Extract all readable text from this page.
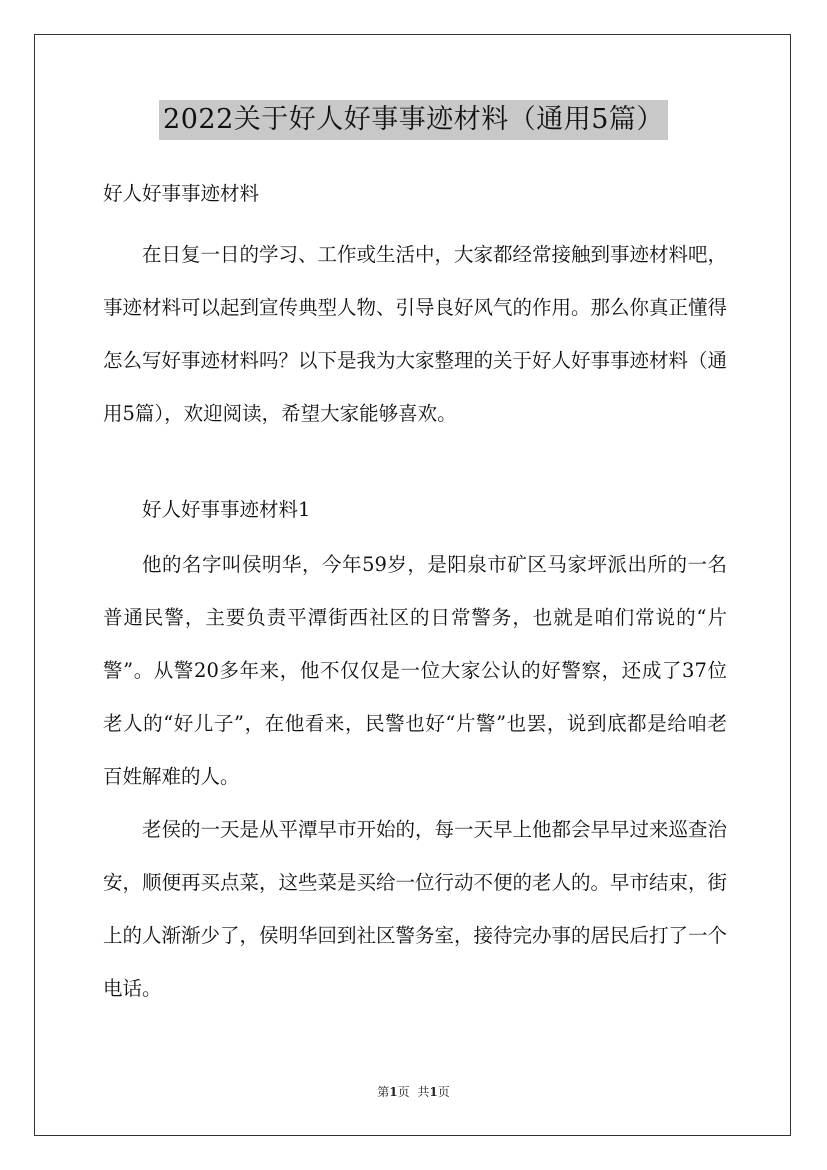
2022关于好人好事事迹材料（通用5篇）
好人好事事迹材料

在日复一日的学习、工作或生活中，大家都经常接触到事迹材料吧，事迹材料可以起到宣传典型人物、引导良好风气的作用。那么你真正懂得怎么写好事迹材料吗？以下是我为大家整理的关于好人好事事迹材料（通用5篇），欢迎阅读，希望大家能够喜欢。

好人好事事迹材料1

他的名字叫侯明华，今年59岁，是阳泉市矿区马家坪派出所的一名普通民警，主要负责平潭街西社区的日常警务，也就是咱们常说的“片警”。从警20多年来，他不仅仅是一位大家公认的好警察，还成了37位老人的“好儿子”，在他看来，民警也好“片警”也罢，说到底都是给咱老百姓解难的人。

老侯的一天是从平潭早市开始的，每一天早上他都会早早过来巡查治安，顺便再买点菜，这些菜是买给一位行动不便的老人的。早市结束，街上的人渐渐少了，侯明华回到社区警务室，接待完办事的居民后打了一个电话。

第1页 共1页
